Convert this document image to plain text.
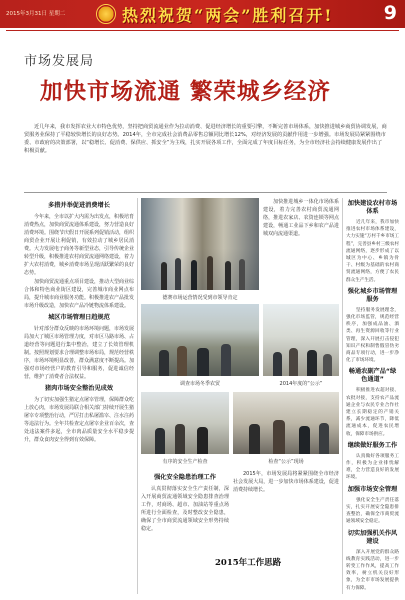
2015年3月31日 星期二	热烈祝贺“两会”胜利召开!	9
市场发展局
加快市场流通 繁荣城乡经济
近几年来，我市发挥农业大市特色优势，坚持把商贸流通业作为拉动消费、促进经济增长的重要引擎，不断完善市场体系，加快推进城乡商贸协调发展，商贸服务业保持了平稳较快增长的良好态势。2014年，全市完成社会消费品零售总额同比增长12%，对经济发展的贡献作用进一步增强。市场发展局紧紧围绕市委、市政府的决策部署，以“稳增长、促消费、保供应、抓安全”为主线，扎实开展各项工作，全面完成了年度目标任务，为全市经济社会持续健康发展作出了积极贡献。
多措并举促进消费增长

今年来，全市以扩大内需为出发点，积极培育消费热点，加快商贸流通体系建设，努力营造良好消费环境。围绕节庆假日开展系列促销活动，组织商贸企业开展让利促销，有效拉动了城乡居民消费。大力发展电子商务等新型业态，引导传统企业转型升级，积极推进农村商贸流通网络建设，着力扩大农村消费，城乡消费市场呈现活跃繁荣的良好态势。

加快商贸流通重点项目建设，推动大型商业综合体和特色商业街区建设，完善城市商业网点布局，提升城市商业服务功能。积极推进农产品批发市场升级改造，加快农产品冷链物流体系建设。

城区市场管理日趋规范

针对部分群众反映的市场环境问题，市场发展局加大了城区市场管理力度，对市区马路市场、占道经营等问题进行集中整治，建立了长效管理机制。按照规划要求合理调整市场布局，规范经营秩序，市场环境明显改善，群众满意度不断提高。加强对市场经营户的教育引导和服务，促进诚信经营，维护了消费者合法权益。

猪肉市场安全整治见成效

为了切实加强生猪定点屠宰管理，保障群众吃上放心肉，市场发展局联合相关部门持续开展生猪屠宰专项整治行动，严厉打击私屠滥宰、注水注药等违法行为。全年共检查定点屠宰企业百余次，查处违法案件多起，全市肉品质量安全水平稳步提升，群众食肉安全得到有效保障。

德赛市场运营情况受到市领导肯定
调查市场冬季农贸	2014年度的“公示”

加快推进城乡一体化市场体系建设，着力完善农村商贸流通网络，推进农家店、农资连锁等网点建设，畅通工业品下乡和农产品进城双向流通渠道。

有序的安全生产检查	检查“公示”现场
强化安全隐患治理工作

认真贯彻落实安全生产责任制，深入开展商贸流通领域安全隐患排查治理工作，对商场、超市、加油站等重点场所进行全面检查，及时整改安全隐患，确保了全市商贸流通领域安全形势持续稳定。

2015年，市场发展局将紧紧围绕全市经济社会发展大局，进一步加快市场体系建设，促进消费持续增长。

2015年工作思路
加快建设农村市场体系

近几年来，我市加快推进农村市场体系建设，大力实施“万村千乡市场工程”，完善县乡村三级农村流通网络，逐步形成了以城区为中心、乡镇为骨干、村级为基础的农村商贸流通网络，方便了农民群众生产生活。

强化城乡市场管理服务

坚持服务发展理念，强化市场监管，规范经营秩序，加强成品油、酒类、再生资源回收等行业管理，深入开展打击侵犯知识产权和制售假冒伪劣商品专项行动，进一步净化了市场环境。

畅通农副产品“绿色通道”

积极推进农超对接、农批对接，支持农产品流通企业与农民专业合作社建立长期稳定的产销关系，减少流通环节，降低流通成本，促进农民增收，保障市场供应。

继续做好服务工作

认真做好各项服务工作，积极为企业排忧解难，全力营造良好的发展环境。

加强市场安全管理

强化安全生产责任落实，扎实开展安全隐患排查整治，确保全市商贸流通领域安全稳定。

切实加强机关作风建设

深入开展党的群众路线教育实践活动，进一步转变工作作风，提高工作效率，树立机关良好形象，为全市市场发展提供有力保障。
